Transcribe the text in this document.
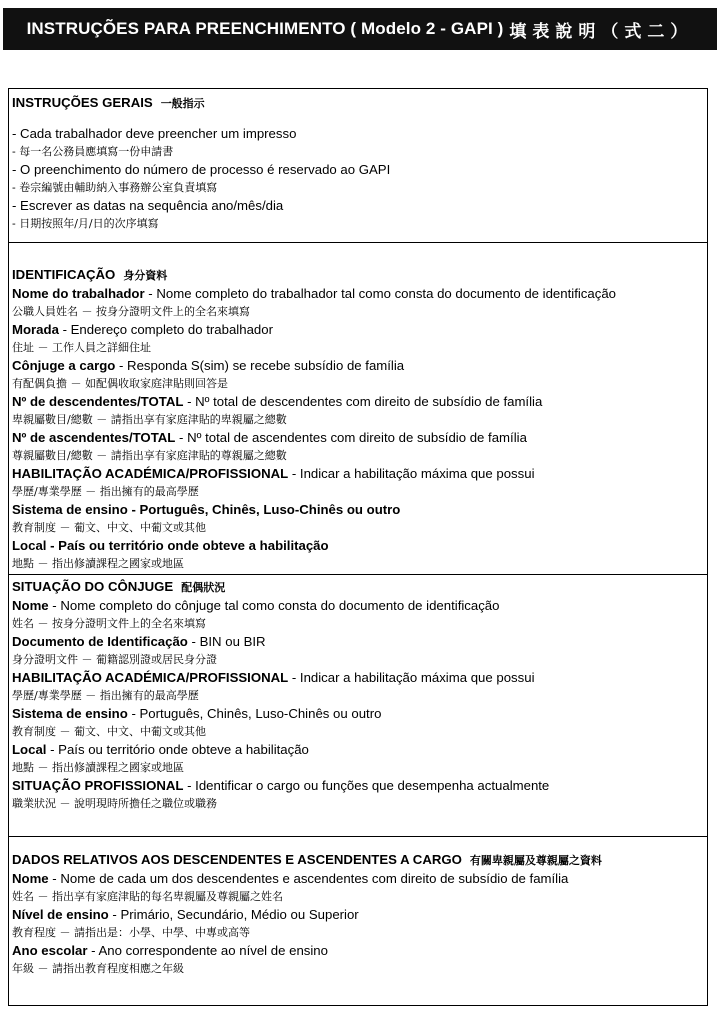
INSTRUÇÕES PARA PREENCHIMENTO ( Modelo 2 - GAPI ) 填表說明（式二）
INSTRUÇÕES GERAIS 一般指示
- Cada trabalhador deve preencher um impresso
- 每一名公務員應填寫一份申請書
- O preenchimento do número de processo é reservado ao GAPI
- 卷宗編號由輔助納入事務辦公室負責填寫
- Escrever as datas na sequência ano/mês/dia
- 日期按照年/月/日的次序填寫
IDENTIFICAÇÃO 身分資料
Nome do trabalhador - Nome completo do trabalhador tal como consta do documento de identificação
公職人員姓名 － 按身分證明文件上的全名來填寫
Morada - Endereço completo do trabalhador
住址 － 工作人員之詳細住址
Cônjuge a cargo - Responda S(sim) se recebe subsídio de família
有配偶負擔 － 如配偶收取家庭津貼則回答是
Nº de descendentes/TOTAL - Nº total de descendentes com direito de subsídio de família
卑親屬數目/總數 － 請指出享有家庭津貼的卑親屬之總數
Nº de ascendentes/TOTAL - Nº total de ascendentes com direito de subsídio de família
尊親屬數目/總數 － 請指出享有家庭津貼的尊親屬之總數
HABILITAÇÃO ACADÉMICA/PROFISSIONAL - Indicar a habilitação máxima que possui
學歷/專業學歷 － 指出擁有的最高學歷
Sistema de ensino - Português, Chinês, Luso-Chinês ou outro
教育制度 － 葡文、中文、中葡文或其他
Local - País ou território onde obteve a habilitação
地點 － 指出修讀課程之國家或地區
SITUAÇÃO DO CÔNJUGE 配偶狀況
Nome - Nome completo do cônjuge tal como consta do documento de identificação
姓名 － 按身分證明文件上的全名來填寫
Documento de Identificação - BIN ou BIR
身分證明文件 － 葡籍認別證或居民身分證
HABILITAÇÃO ACADÉMICA/PROFISSIONAL - Indicar a habilitação máxima que possui
學歷/專業學歷 － 指出擁有的最高學歷
Sistema de ensino - Português, Chinês, Luso-Chinês ou outro
教育制度 － 葡文、中文、中葡文或其他
Local - País ou território onde obteve a habilitação
地點 － 指出修讀課程之國家或地區
SITUAÇÃO PROFISSIONAL - Identificar o cargo ou funções que desempenha actualmente
職業狀況 － 說明現時所擔任之職位或職務
DADOS RELATIVOS AOS DESCENDENTES E ASCENDENTES A CARGO 有關卑親屬及尊親屬之資料
Nome - Nome de cada um dos descendentes e ascendentes com direito de subsídio de família
姓名 － 指出享有家庭津貼的每名卑親屬及尊親屬之姓名
Nível de ensino - Primário, Secundário, Médio ou Superior
教育程度 － 請指出是：小學、中學、中專或高等
Ano escolar - Ano correspondente ao nível de ensino
年級 － 請指出教育程度相應之年級
